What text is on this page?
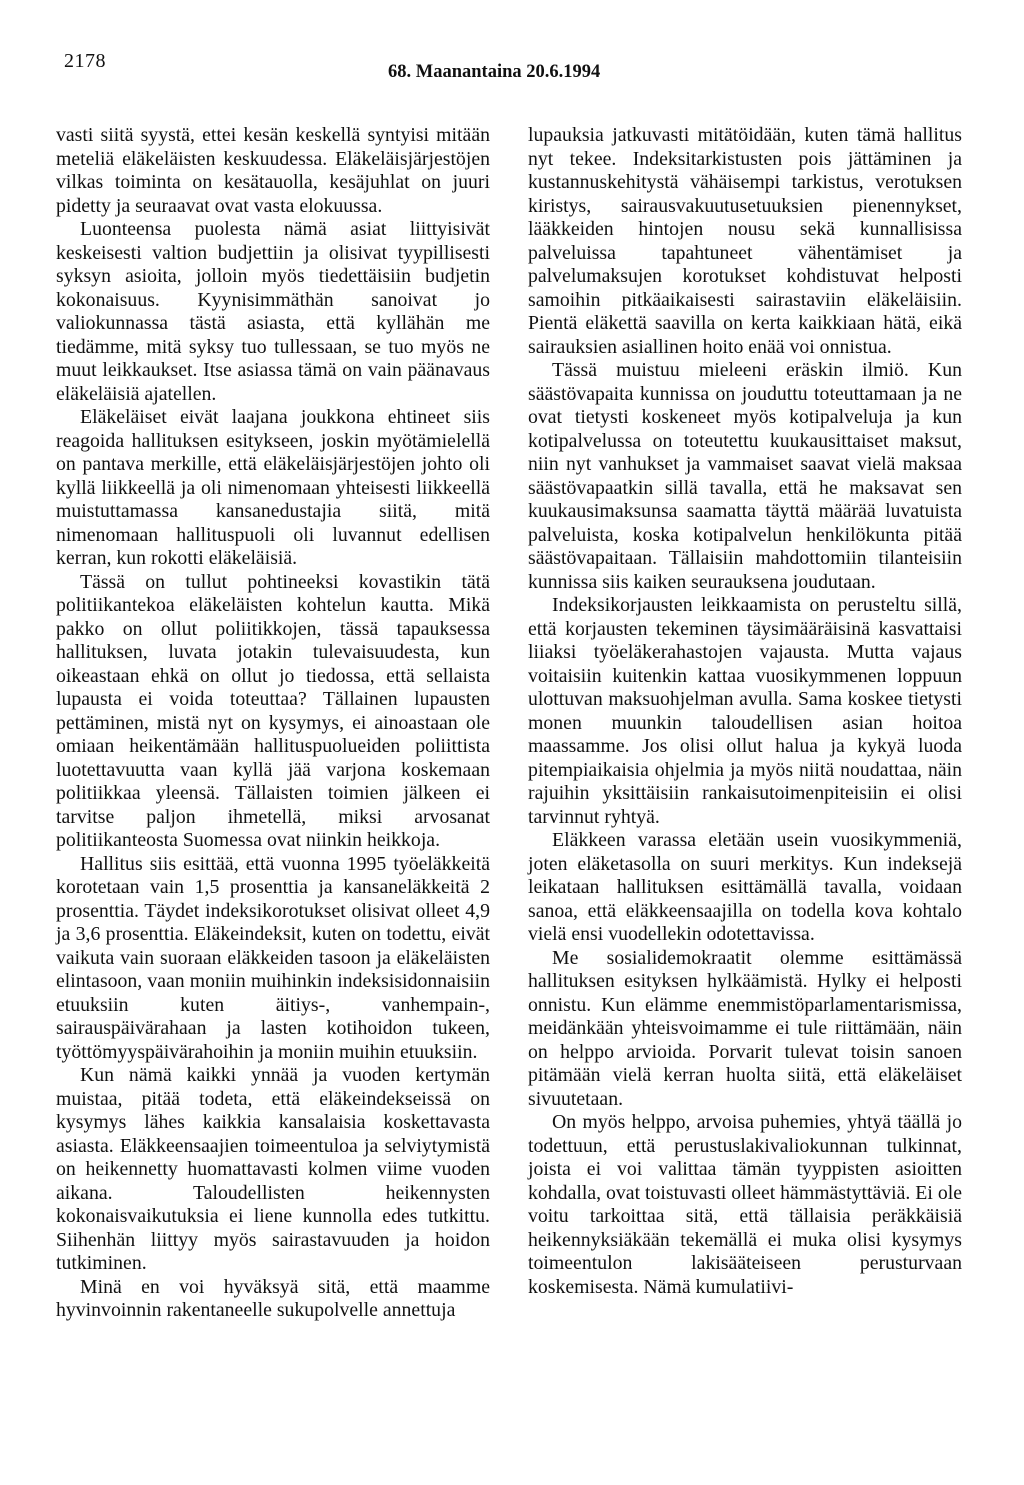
2178	68. Maanantaina 20.6.1994

vasti siitä syystä, ettei kesän keskellä syntyisi mitään meteliä eläkeläisten keskuudessa. Eläkeläisjärjestöjen vilkas toiminta on kesätauolla, kesäjuhlat on juuri pidetty ja seuraavat ovat vasta elokuussa.

Luonteensa puolesta nämä asiat liittyisivät keskeisesti valtion budjettiin ja olisivat tyypillisesti syksyn asioita, jolloin myös tiedettäisiin budjetin kokonaisuus. Kyynisimmäthän sanoivat jo valiokunnassa tästä asiasta, että kyllähän me tiedämme, mitä syksy tuo tullessaan, se tuo myös ne muut leikkaukset. Itse asiassa tämä on vain päänavaus eläkeläisiä ajatellen.

Eläkeläiset eivät laajana joukkona ehtineet siis reagoida hallituksen esitykseen, joskin myötämielellä on pantava merkille, että eläkeläisjärjestöjen johto oli kyllä liikkeellä ja oli nimenomaan yhteisesti liikkeellä muistuttamassa kansanedustajia siitä, mitä nimenomaan hallituspuoli oli luvannut edellisen kerran, kun rokotti eläkeläisiä.

Tässä on tullut pohtineeksi kovastikin tätä politiikantekoa eläkeläisten kohtelun kautta. Mikä pakko on ollut poliitikkojen, tässä tapauksessa hallituksen, luvata jotakin tulevaisuudesta, kun oikeastaan ehkä on ollut jo tiedossa, että sellaista lupausta ei voida toteuttaa? Tällainen lupausten pettäminen, mistä nyt on kysymys, ei ainoastaan ole omiaan heikentämään hallituspuolueiden poliittista luotettavuutta vaan kyllä jää varjona koskemaan politiikkaa yleensä. Tällaisten toimien jälkeen ei tarvitse paljon ihmetellä, miksi arvosanat politiikanteosta Suomessa ovat niinkin heikkoja.

Hallitus siis esittää, että vuonna 1995 työeläkkeitä korotetaan vain 1,5 prosenttia ja kansaneläkkeitä 2 prosenttia. Täydet indeksikorotukset olisivat olleet 4,9 ja 3,6 prosenttia. Eläkeindeksit, kuten on todettu, eivät vaikuta vain suoraan eläkkeiden tasoon ja eläkeläisten elintasoon, vaan moniin muihinkin indeksisidonnaisiin etuuksiin kuten äitiys-, vanhempain-, sairauspäivärahaan ja lasten kotihoidon tukeen, työttömyyspäivärahoihin ja moniin muihin etuuksiin.

Kun nämä kaikki ynnää ja vuoden kertymän muistaa, pitää todeta, että eläkeindekseissä on kysymys lähes kaikkia kansalaisia koskettavasta asiasta. Eläkkeensaajien toimeentuloa ja selviytymistä on heikennetty huomattavasti kolmen viime vuoden aikana. Taloudellisten heikennysten kokonaisvaikutuksia ei liene kunnolla edes tutkittu. Siihenhän liittyy myös sairastavuuden ja hoidon tutkiminen.

Minä en voi hyväksyä sitä, että maamme hyvinvoinnin rakentaneelle sukupolvelle annettuja

lupauksia jatkuvasti mitätöidään, kuten tämä hallitus nyt tekee. Indeksitarkistusten pois jättäminen ja kustannuskehitystä vähäisempi tarkistus, verotuksen kiristys, sairausvakuutusetuuksien pienennykset, lääkkeiden hintojen nousu sekä kunnallisissa palveluissa tapahtuneet vähentämiset ja palvelumaksujen korotukset kohdistuvat helposti samoihin pitkäaikaisesti sairastaviin eläkeläisiin. Pientä eläkettä saavilla on kerta kaikkiaan hätä, eikä sairauksien asiallinen hoito enää voi onnistua.

Tässä muistuu mieleeni eräskin ilmiö. Kun säästövapaita kunnissa on jouduttu toteuttamaan ja ne ovat tietysti koskeneet myös kotipalveluja ja kun kotipalvelussa on toteutettu kuukausittaiset maksut, niin nyt vanhukset ja vammaiset saavat vielä maksaa säästövapaatkin sillä tavalla, että he maksavat sen kuukausimaksunsa saamatta täyttä määrää luvatuista palveluista, koska kotipalvelun henkilökunta pitää säästövapaitaan. Tällaisiin mahdottomiin tilanteisiin kunnissa siis kaiken seurauksena joudutaan.

Indeksikorjausten leikkaamista on perusteltu sillä, että korjausten tekeminen täysimääräisinä kasvattaisi liiaksi työeläkerahastojen vajausta. Mutta vajaus voitaisiin kuitenkin kattaa vuosikymmenen loppuun ulottuvan maksuohjelman avulla. Sama koskee tietysti monen muunkin taloudellisen asian hoitoa maassamme. Jos olisi ollut halua ja kykyä luoda pitempiaikaisia ohjelmia ja myös niitä noudattaa, näin rajuihin yksittäisiin rankaisutoimenpiteisiin ei olisi tarvinnut ryhtyä.

Eläkkeen varassa eletään usein vuosikymmeniä, joten eläketasolla on suuri merkitys. Kun indeksejä leikataan hallituksen esittämällä tavalla, voidaan sanoa, että eläkkeensaajilla on todella kova kohtalo vielä ensi vuodellekin odotettavissa.

Me sosialidemokraatit olemme esittämässä hallituksen esityksen hylkäämistä. Hylky ei helposti onnistu. Kun elämme enemmistöparlamentarismissa, meidänkään yhteisvoimamme ei tule riittämään, näin on helppo arvioida. Porvarit tulevat toisin sanoen pitämään vielä kerran huolta siitä, että eläkeläiset sivuutetaan.

On myös helppo, arvoisa puhemies, yhtyä täällä jo todettuun, että perustuslakivaliokunnan tulkinnat, joista ei voi valittaa tämän tyyppisten asioitten kohdalla, ovat toistuvasti olleet hämmästyttäviä. Ei ole voitu tarkoittaa sitä, että tällaisia peräkkäisiä heikennyksiäkään tekemällä ei muka olisi kysymys toimeentulon lakisääteiseen perusturvaan koskemisesta. Nämä kumulatiivi-
